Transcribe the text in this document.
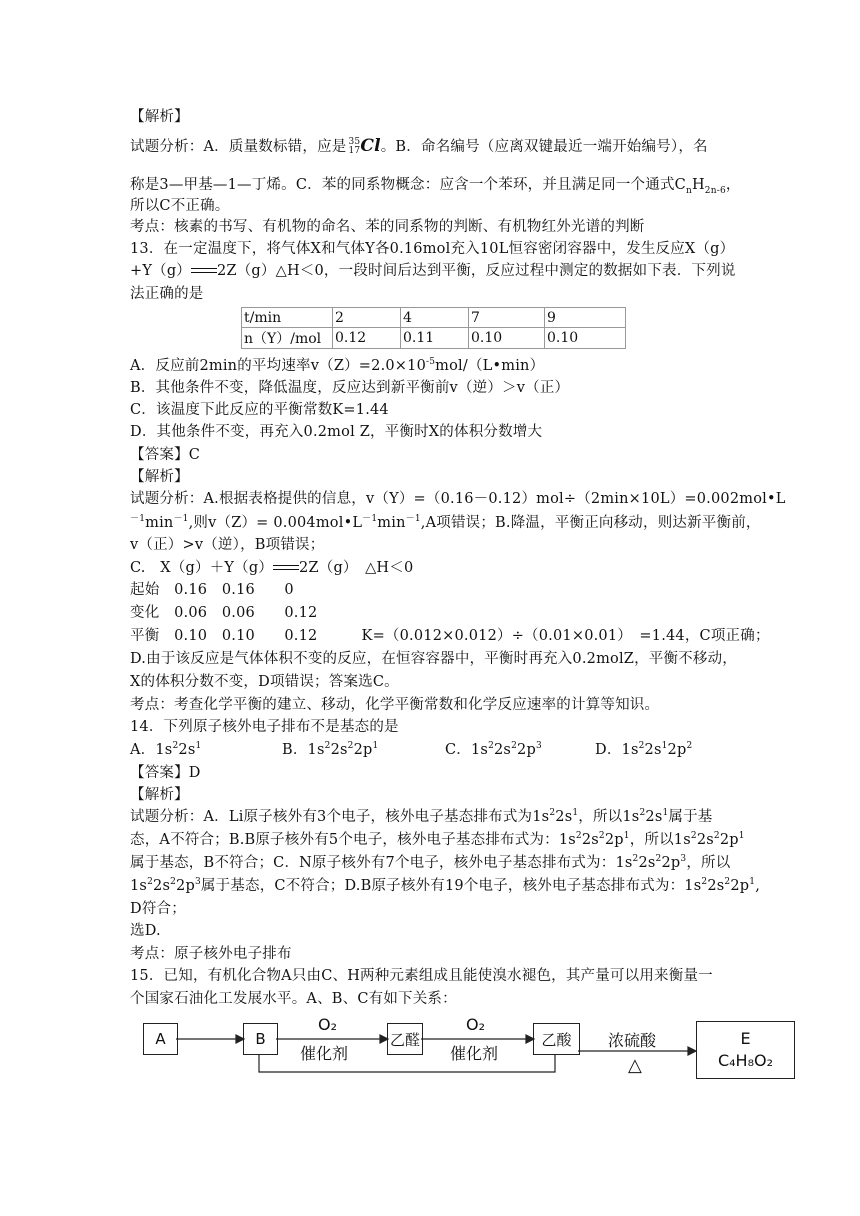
【解析】
试题分析：A．质量数标错，应是 35
17Cl。B．命名编号（应离双键最近一端开始编号），名
称是3—甲基—1—丁烯。C．苯的同系物概念：应含一个苯环，并且满足同一个通式$C_nH_{2n-6}$，
所以C不正确。
考点：核素的书写、有机物的命名、苯的同系物的判断、有机物红外光谱的判断
13．在一定温度下，将气体X和气体Y各0.16mol充入10L恒容密闭容器中，发生反应X（g）
+Y（g） 2Z（g）△H＜0，一段时间后达到平衡，反应过程中测定的数据如下表．下列说
法正确的是
t/min	2	4	7	9
n（Y）/mol	0.12	0.11	0.10	0.10
A．反应前2min的平均速率$v(Z)=2.0\times 10^{-5}mol/(L•\min)$
B．其他条件不变，降低温度，反应达到新平衡前v（逆）＞v（正）
C．该温度下此反应的平衡常数K=1.44
D．其他条件不变，再充入0.2mol Z，平衡时X的体积分数增大
【答案】C
【解析】
试题分析：A.根据表格提供的信息，v（Y）=（0.16－0.12）mol÷（2min×10L）=0.002mol•L
$^{-1}\min^{-1}$,则$v(Z)= 0.004mol•L^{-1}\min^{-1},A$项错误；B.降温，平衡正向移动，则达新平衡前，
v（正）>v（逆），B项错误；
C.　X（g）＋Y（g） 2Z（g）　△H＜0
起始　0.16　0.16　　0
变化　0.06　0.06　　0.12
平衡　0.10　0.10　　0.12　　　K=（0.012×0.012）÷（0.01×0.01）　=1.44，C项正确；
D.由于该反应是气体体积不变的反应，在恒容容器中，平衡时再充入0.2molZ，平衡不移动，
X的体积分数不变，D项错误；答案选C。
考点：考查化学平衡的建立、移动，化学平衡常数和化学反应速率的计算等知识。
14．下列原子核外电子排布不是基态的是
A．$1s^22s^1$	B．$1s^22s^22p^1$	C．$1s^22s^22p^3$	D．$1s^22s^12p^2$
【答案】D
【解析】
试题分析：A．Li原子核外有3个电子，核外电子基态排布式为$1s^22s^1$，所以$1s^22s^1$属于基
态，A不符合；B.B原子核外有5个电子，核外电子基态排布式为：$1s^22s^22p^1$，所以$1s^22s^22p^1$
属于基态，B不符合；C．N原子核外有7个电子，核外电子基态排布式为：$1s^22s^22p^3$，所以
$1s^22s^22p^3$属于基态，C不符合；D.B原子核外有19个电子，核外电子基态排布式为：$1s^22s^22p^1$,
D符合；
选D.
考点：原子核外电子排布
15．已知，有机化合物A只由C、H两种元素组成且能使溴水褪色，其产量可以用来衡量一
个国家石油化工发展水平。A、B、C有如下关系：
A	B	乙醛	乙酸	E
C₄H₈O₂
O₂
催化剂
O₂
催化剂
浓硫酸
△
